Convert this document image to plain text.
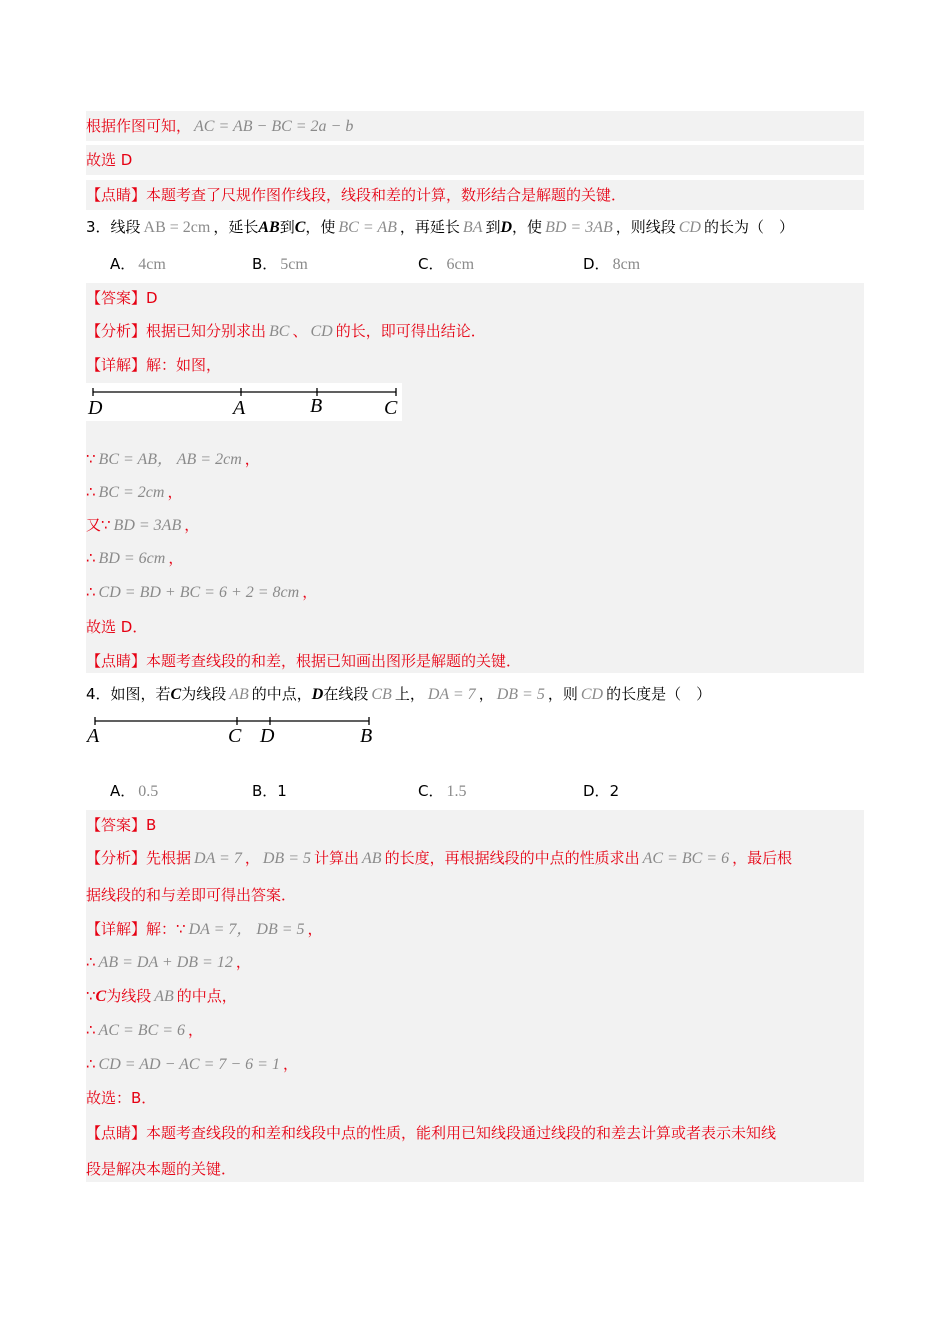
根据作图可知， AC = AB − BC = 2a − b
故选 D
【点睛】本题考查了尺规作图作线段，线段和差的计算，数形结合是解题的关键．
3．线段 AB = 2cm ，延长AB到C，使 BC = AB ，再延长 BA 到D，使 BD = 3AB ，则线段 CD 的长为（　）
A． 4cm	B． 5cm	C． 6cm	D． 8cm
【答案】D
【分析】根据已知分别求出 BC 、 CD 的长，即可得出结论．
【详解】解：如图，
D	A	B	C
∵ BC = AB， AB = 2cm ，
∴ BC = 2cm ，
又∵ BD = 3AB ，
∴ BD = 6cm ，
∴ CD = BD + BC = 6 + 2 = 8cm ，
故选 D．
【点睛】本题考查线段的和差，根据已知画出图形是解题的关键．
4．如图，若C为线段 AB 的中点，D在线段 CB 上， DA = 7 ， DB = 5 ，则 CD 的长度是（　）
A	C D	B
A． 0.5	B．1	C． 1.5	D．2
【答案】B
【分析】先根据 DA = 7 ， DB = 5 计算出 AB 的长度，再根据线段的中点的性质求出 AC = BC = 6 ，最后根
据线段的和与差即可得出答案．
【详解】解：∵ DA = 7， DB = 5 ，
∴ AB = DA + DB = 12 ，
∵C为线段 AB 的中点，
∴ AC = BC = 6 ，
∴ CD = AD − AC = 7 − 6 = 1 ，
故选：B．
【点睛】本题考查线段的和差和线段中点的性质，能利用已知线段通过线段的和差去计算或者表示未知线
段是解决本题的关键．
